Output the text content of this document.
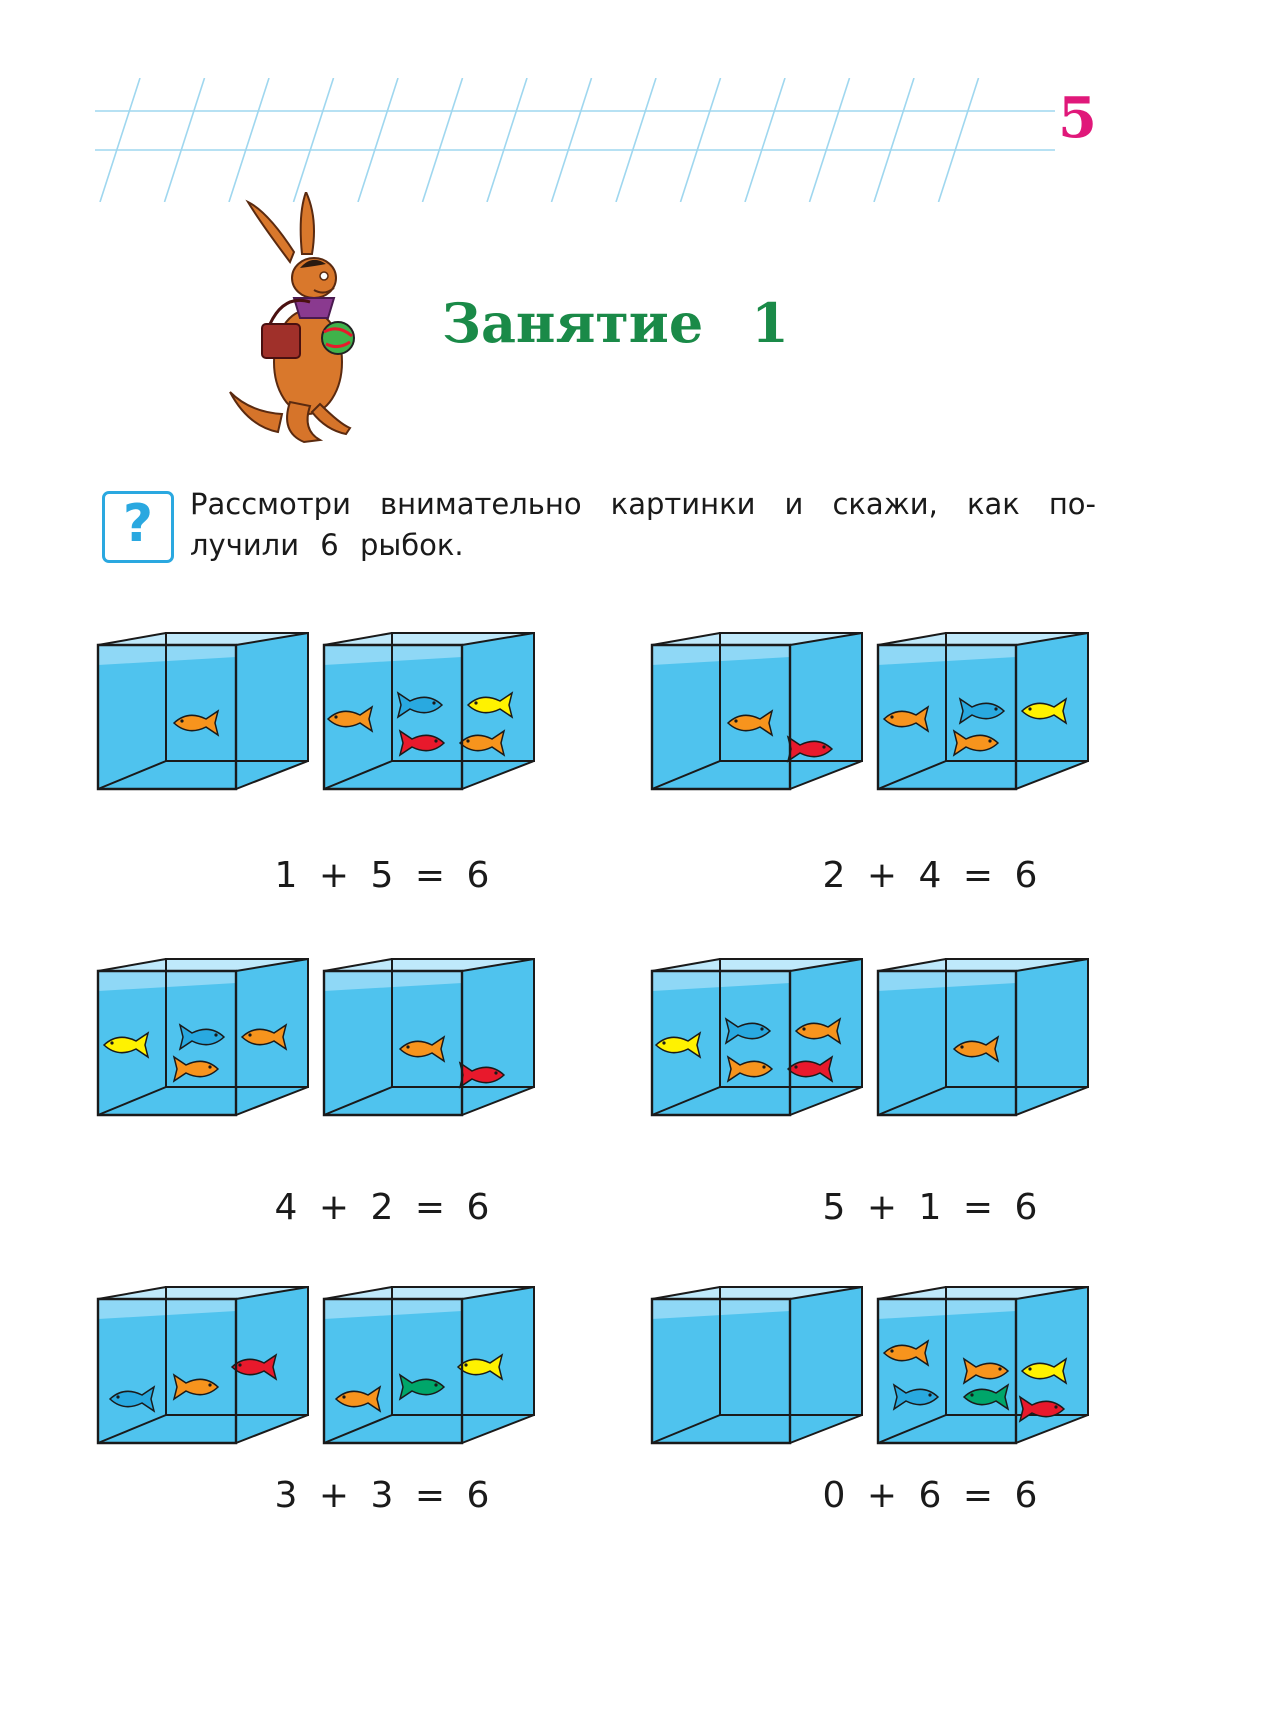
5
Занятие 1
?	Рассмотри внимательно картинки и скажи, как по-
лучили 6 рыбок.
1 + 5 = 6	2 + 4 = 6
4 + 2 = 6	5 + 1 = 6
3 + 3 = 6	0 + 6 = 6
